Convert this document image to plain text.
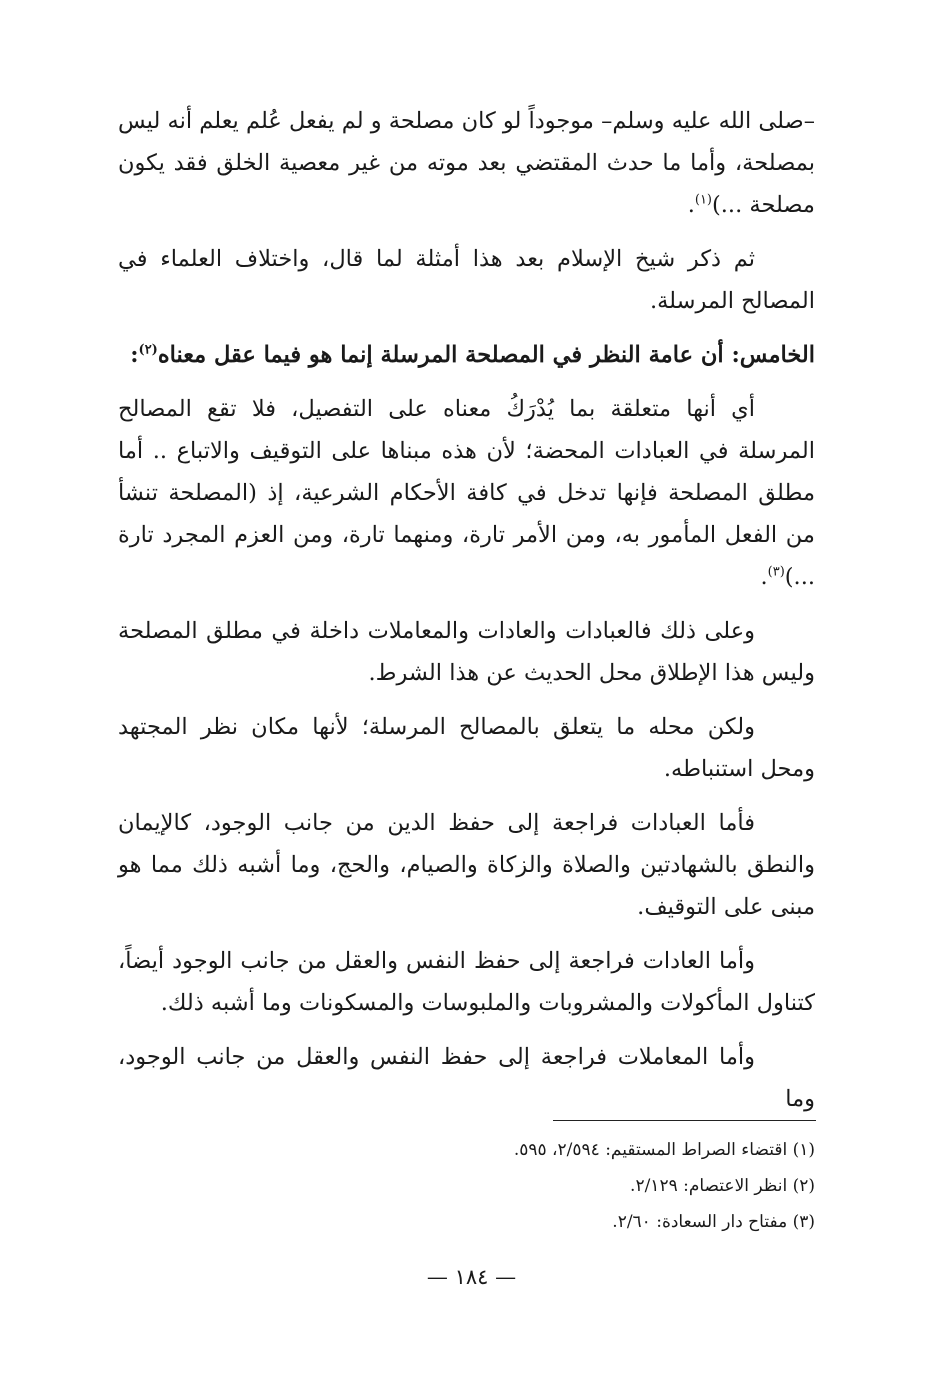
–صلى الله عليه وسلم– موجوداً لو كان مصلحة و لم يفعل عُلم يعلم أنه ليس بمصلحة، وأما ما حدث المقتضي بعد موته من غير معصية الخلق فقد يكون مصلحة ...)$^{(١)}$.

ثم ذكر شيخ الإسلام بعد هذا أمثلة لما قال، واختلاف العلماء في المصالح المرسلة.

الخامس: أن عامة النظر في المصلحة المرسلة إنما هو فيما عقل معناه$^{(٢)}$:

أي أنها متعلقة بما يُدْرَكُ معناه على التفصيل، فلا تقع المصالح المرسلة في العبادات المحضة؛ لأن هذه مبناها على التوقيف والاتباع .. أما مطلق المصلحة فإنها تدخل في كافة الأحكام الشرعية، إذ (المصلحة تنشأ من الفعل المأمور به، ومن الأمر تارة، ومنهما تارة، ومن العزم المجرد تارة ...)$^{(٣)}$.

وعلى ذلك فالعبادات والعادات والمعاملات داخلة في مطلق المصلحة وليس هذا الإطلاق محل الحديث عن هذا الشرط.

ولكن محله ما يتعلق بالمصالح المرسلة؛ لأنها مكان نظر المجتهد ومحل استنباطه.

فأما العبادات فراجعة إلى حفظ الدين من جانب الوجود، كالإيمان والنطق بالشهادتين والصلاة والزكاة والصيام، والحج، وما أشبه ذلك مما هو مبنى على التوقيف.

وأما العادات فراجعة إلى حفظ النفس والعقل من جانب الوجود أيضاً، كتناول المأكولات والمشروبات والملبوسات والمسكونات وما أشبه ذلك.

وأما المعاملات فراجعة إلى حفظ النفس والعقل من جانب الوجود، وما

(١) اقتضاء الصراط المستقيم: ٢/٥٩٤، ٥٩٥.

(٢) انظر الاعتصام: ٢/١٢٩.

(٣) مفتاح دار السعادة: ٢/٦٠.

— ١٨٤ —
